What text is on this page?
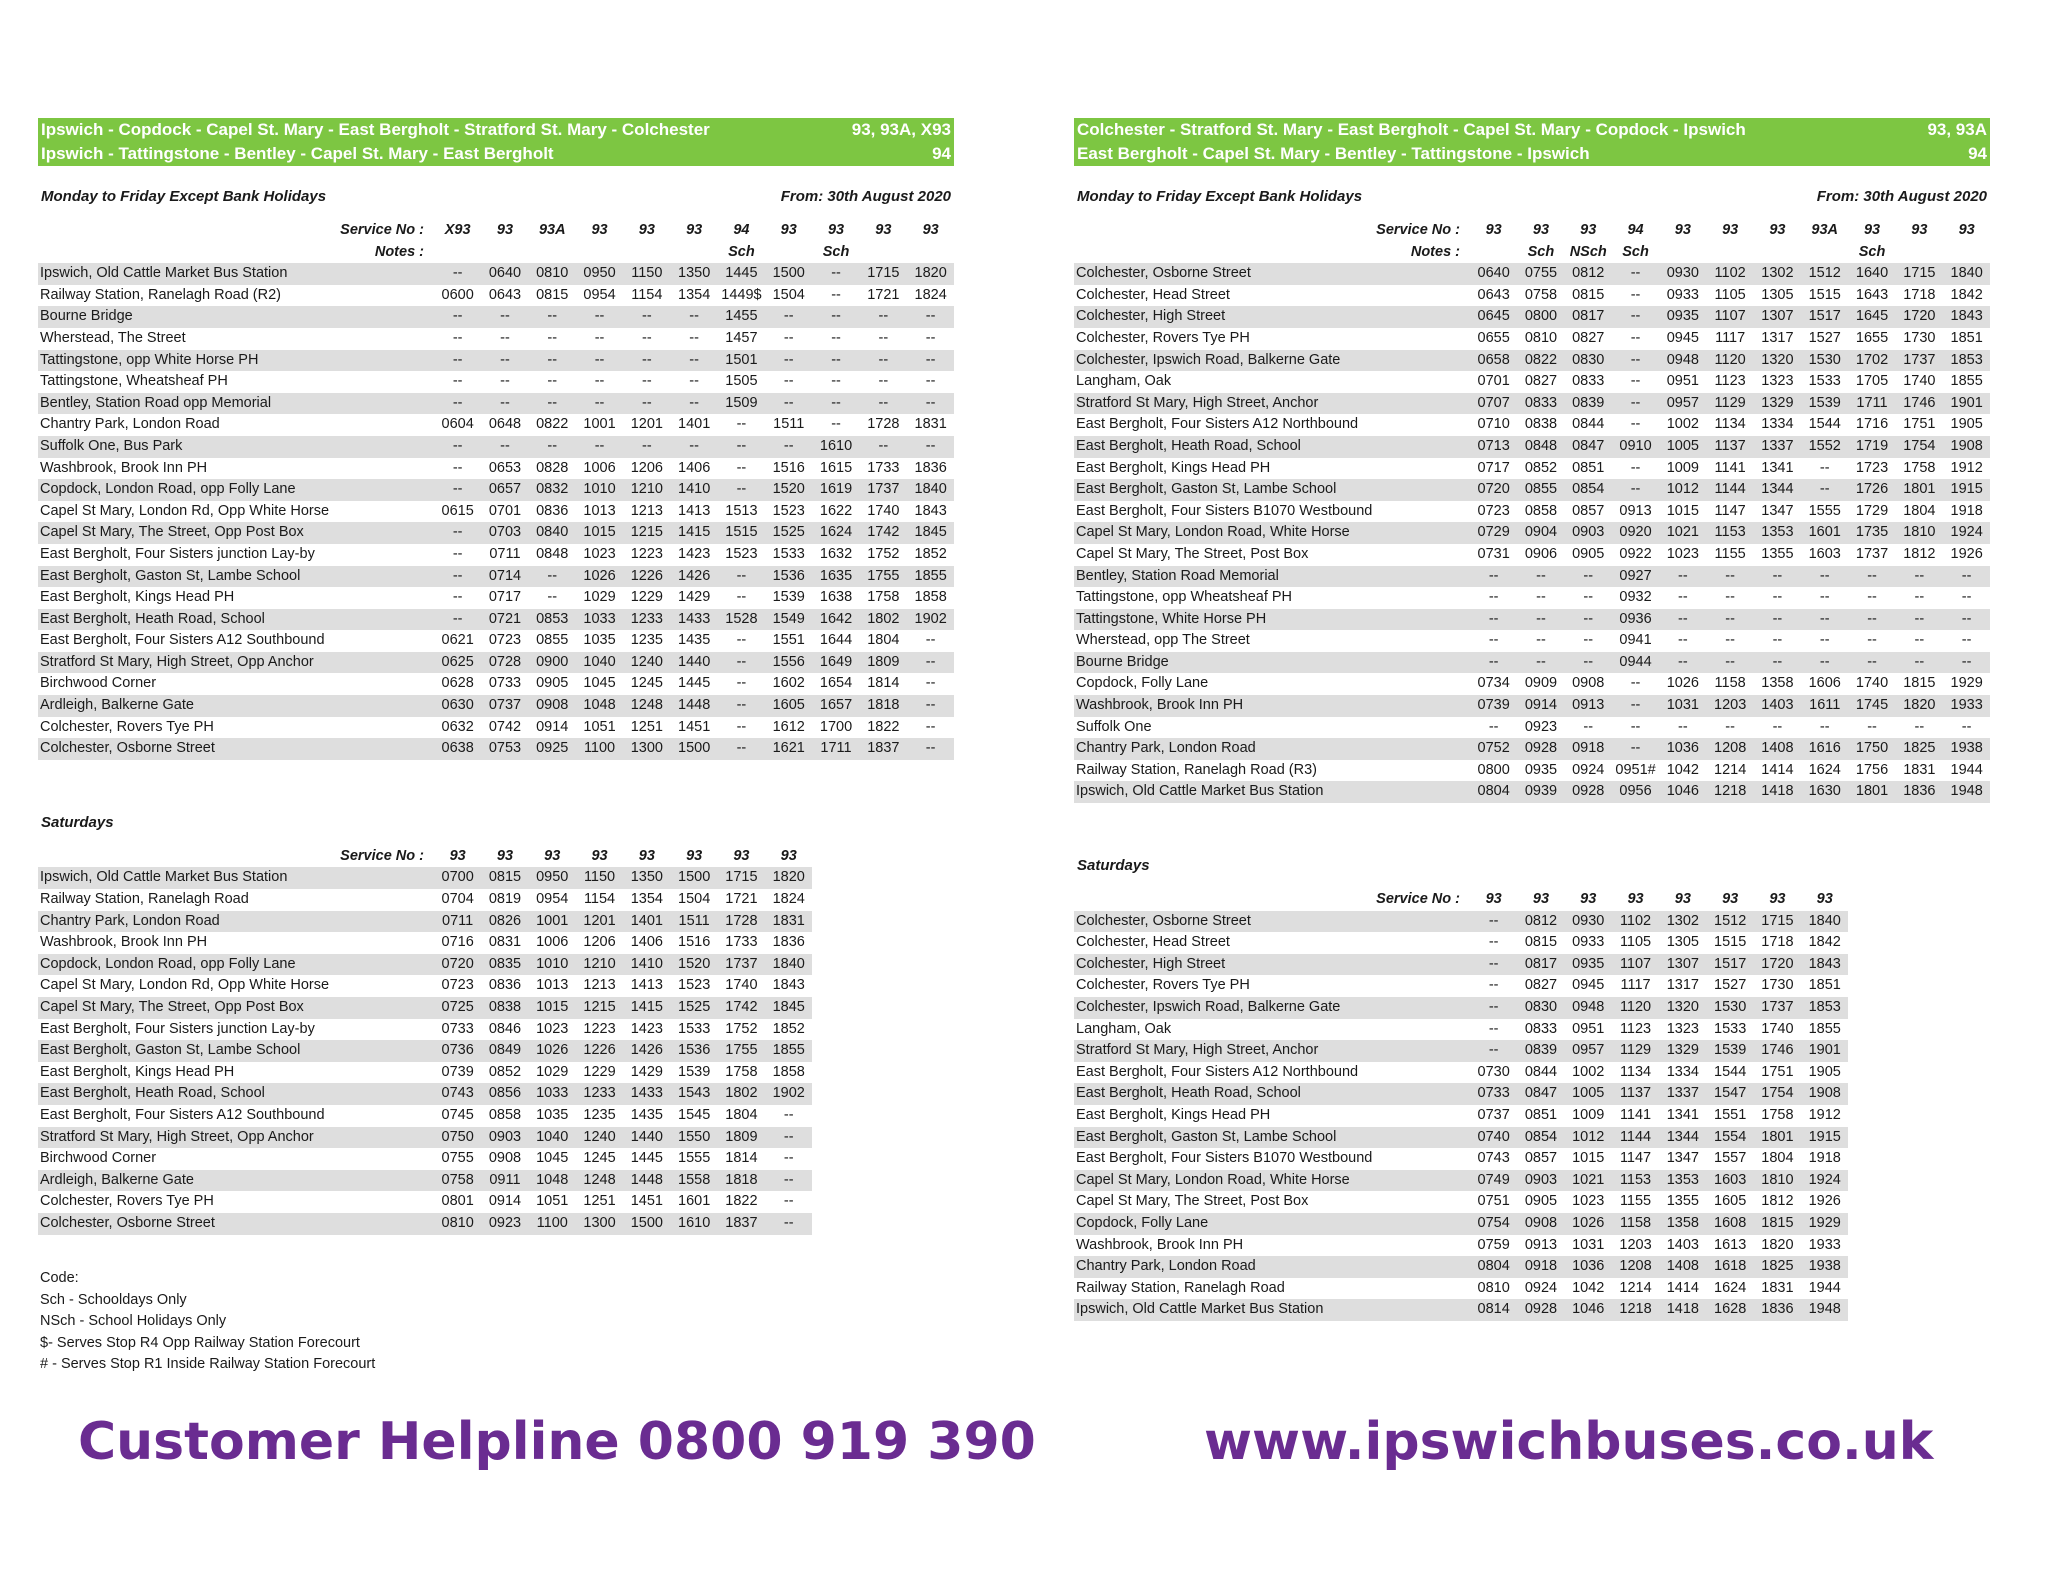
Ipswich - Copdock - Capel St. Mary - East Bergholt - Stratford St. Mary - Colchester	93, 93A, X93
Ipswich - Tattingstone - Bentley - Capel St. Mary - East Bergholt	94
Monday to Friday Except Bank Holidays	From: 30th August 2020
Service No :	X93	93	93A	93	93	93	94	93	93	93	93
Notes :							Sch		Sch		
Ipswich, Old Cattle Market Bus Station	--	0640	0810	0950	1150	1350	1445	1500	--	1715	1820
Railway Station, Ranelagh Road (R2)	0600	0643	0815	0954	1154	1354	1449$	1504	--	1721	1824
Bourne Bridge	--	--	--	--	--	--	1455	--	--	--	--
Wherstead, The Street	--	--	--	--	--	--	1457	--	--	--	--
Tattingstone, opp White Horse PH	--	--	--	--	--	--	1501	--	--	--	--
Tattingstone, Wheatsheaf PH	--	--	--	--	--	--	1505	--	--	--	--
Bentley, Station Road opp Memorial	--	--	--	--	--	--	1509	--	--	--	--
Chantry Park, London Road	0604	0648	0822	1001	1201	1401	--	1511	--	1728	1831
Suffolk One, Bus Park	--	--	--	--	--	--	--	--	1610	--	--
Washbrook, Brook Inn PH	--	0653	0828	1006	1206	1406	--	1516	1615	1733	1836
Copdock, London Road, opp Folly Lane	--	0657	0832	1010	1210	1410	--	1520	1619	1737	1840
Capel St Mary, London Rd, Opp White Horse	0615	0701	0836	1013	1213	1413	1513	1523	1622	1740	1843
Capel St Mary, The Street, Opp Post Box	--	0703	0840	1015	1215	1415	1515	1525	1624	1742	1845
East Bergholt, Four Sisters junction Lay-by	--	0711	0848	1023	1223	1423	1523	1533	1632	1752	1852
East Bergholt, Gaston St, Lambe School	--	0714	--	1026	1226	1426	--	1536	1635	1755	1855
East Bergholt, Kings Head PH	--	0717	--	1029	1229	1429	--	1539	1638	1758	1858
East Bergholt, Heath Road, School	--	0721	0853	1033	1233	1433	1528	1549	1642	1802	1902
East Bergholt, Four Sisters A12 Southbound	0621	0723	0855	1035	1235	1435	--	1551	1644	1804	--
Stratford St Mary, High Street, Opp Anchor	0625	0728	0900	1040	1240	1440	--	1556	1649	1809	--
Birchwood Corner	0628	0733	0905	1045	1245	1445	--	1602	1654	1814	--
Ardleigh, Balkerne Gate	0630	0737	0908	1048	1248	1448	--	1605	1657	1818	--
Colchester, Rovers Tye PH	0632	0742	0914	1051	1251	1451	--	1612	1700	1822	--
Colchester, Osborne Street	0638	0753	0925	1100	1300	1500	--	1621	1711	1837	--
Saturdays
Service No :	93	93	93	93	93	93	93	93
Ipswich, Old Cattle Market Bus Station	0700	0815	0950	1150	1350	1500	1715	1820
Railway Station, Ranelagh Road	0704	0819	0954	1154	1354	1504	1721	1824
Chantry Park, London Road	0711	0826	1001	1201	1401	1511	1728	1831
Washbrook, Brook Inn PH	0716	0831	1006	1206	1406	1516	1733	1836
Copdock, London Road, opp Folly Lane	0720	0835	1010	1210	1410	1520	1737	1840
Capel St Mary, London Rd, Opp White Horse	0723	0836	1013	1213	1413	1523	1740	1843
Capel St Mary, The Street, Opp Post Box	0725	0838	1015	1215	1415	1525	1742	1845
East Bergholt, Four Sisters junction Lay-by	0733	0846	1023	1223	1423	1533	1752	1852
East Bergholt, Gaston St, Lambe School	0736	0849	1026	1226	1426	1536	1755	1855
East Bergholt, Kings Head PH	0739	0852	1029	1229	1429	1539	1758	1858
East Bergholt, Heath Road, School	0743	0856	1033	1233	1433	1543	1802	1902
East Bergholt, Four Sisters A12 Southbound	0745	0858	1035	1235	1435	1545	1804	--
Stratford St Mary, High Street, Opp Anchor	0750	0903	1040	1240	1440	1550	1809	--
Birchwood Corner	0755	0908	1045	1245	1445	1555	1814	--
Ardleigh, Balkerne Gate	0758	0911	1048	1248	1448	1558	1818	--
Colchester, Rovers Tye PH	0801	0914	1051	1251	1451	1601	1822	--
Colchester, Osborne Street	0810	0923	1100	1300	1500	1610	1837	--
Colchester - Stratford St. Mary - East Bergholt - Capel St. Mary - Copdock - Ipswich	93, 93A
East Bergholt - Capel St. Mary - Bentley - Tattingstone - Ipswich	94
Monday to Friday Except Bank Holidays	From: 30th August 2020
Service No :	93	93	93	94	93	93	93	93A	93	93	93
Notes :		Sch	NSch	Sch					Sch		
Colchester, Osborne Street	0640	0755	0812	--	0930	1102	1302	1512	1640	1715	1840
Colchester, Head Street	0643	0758	0815	--	0933	1105	1305	1515	1643	1718	1842
Colchester, High Street	0645	0800	0817	--	0935	1107	1307	1517	1645	1720	1843
Colchester, Rovers Tye PH	0655	0810	0827	--	0945	1117	1317	1527	1655	1730	1851
Colchester, Ipswich Road, Balkerne Gate	0658	0822	0830	--	0948	1120	1320	1530	1702	1737	1853
Langham, Oak	0701	0827	0833	--	0951	1123	1323	1533	1705	1740	1855
Stratford St Mary, High Street, Anchor	0707	0833	0839	--	0957	1129	1329	1539	1711	1746	1901
East Bergholt, Four Sisters A12 Northbound	0710	0838	0844	--	1002	1134	1334	1544	1716	1751	1905
East Bergholt, Heath Road, School	0713	0848	0847	0910	1005	1137	1337	1552	1719	1754	1908
East Bergholt, Kings Head PH	0717	0852	0851	--	1009	1141	1341	--	1723	1758	1912
East Bergholt, Gaston St, Lambe School	0720	0855	0854	--	1012	1144	1344	--	1726	1801	1915
East Bergholt, Four Sisters B1070 Westbound	0723	0858	0857	0913	1015	1147	1347	1555	1729	1804	1918
Capel St Mary, London Road, White Horse	0729	0904	0903	0920	1021	1153	1353	1601	1735	1810	1924
Capel St Mary, The Street, Post Box	0731	0906	0905	0922	1023	1155	1355	1603	1737	1812	1926
Bentley, Station Road Memorial	--	--	--	0927	--	--	--	--	--	--	--
Tattingstone, opp Wheatsheaf PH	--	--	--	0932	--	--	--	--	--	--	--
Tattingstone, White Horse PH	--	--	--	0936	--	--	--	--	--	--	--
Wherstead, opp The Street	--	--	--	0941	--	--	--	--	--	--	--
Bourne Bridge	--	--	--	0944	--	--	--	--	--	--	--
Copdock, Folly Lane	0734	0909	0908	--	1026	1158	1358	1606	1740	1815	1929
Washbrook, Brook Inn PH	0739	0914	0913	--	1031	1203	1403	1611	1745	1820	1933
Suffolk One	--	0923	--	--	--	--	--	--	--	--	--
Chantry Park, London Road	0752	0928	0918	--	1036	1208	1408	1616	1750	1825	1938
Railway Station, Ranelagh Road (R3)	0800	0935	0924	0951#	1042	1214	1414	1624	1756	1831	1944
Ipswich, Old Cattle Market Bus Station	0804	0939	0928	0956	1046	1218	1418	1630	1801	1836	1948
Saturdays
Service No :	93	93	93	93	93	93	93	93
Colchester, Osborne Street	--	0812	0930	1102	1302	1512	1715	1840
Colchester, Head Street	--	0815	0933	1105	1305	1515	1718	1842
Colchester, High Street	--	0817	0935	1107	1307	1517	1720	1843
Colchester, Rovers Tye PH	--	0827	0945	1117	1317	1527	1730	1851
Colchester, Ipswich Road, Balkerne Gate	--	0830	0948	1120	1320	1530	1737	1853
Langham, Oak	--	0833	0951	1123	1323	1533	1740	1855
Stratford St Mary, High Street, Anchor	--	0839	0957	1129	1329	1539	1746	1901
East Bergholt, Four Sisters A12 Northbound	0730	0844	1002	1134	1334	1544	1751	1905
East Bergholt, Heath Road, School	0733	0847	1005	1137	1337	1547	1754	1908
East Bergholt, Kings Head PH	0737	0851	1009	1141	1341	1551	1758	1912
East Bergholt, Gaston St, Lambe School	0740	0854	1012	1144	1344	1554	1801	1915
East Bergholt, Four Sisters B1070 Westbound	0743	0857	1015	1147	1347	1557	1804	1918
Capel St Mary, London Road, White Horse	0749	0903	1021	1153	1353	1603	1810	1924
Capel St Mary, The Street, Post Box	0751	0905	1023	1155	1355	1605	1812	1926
Copdock, Folly Lane	0754	0908	1026	1158	1358	1608	1815	1929
Washbrook, Brook Inn PH	0759	0913	1031	1203	1403	1613	1820	1933
Chantry Park, London Road	0804	0918	1036	1208	1408	1618	1825	1938
Railway Station, Ranelagh Road	0810	0924	1042	1214	1414	1624	1831	1944
Ipswich, Old Cattle Market Bus Station	0814	0928	1046	1218	1418	1628	1836	1948
Code:
Sch - Schooldays Only
NSch - School Holidays Only
$- Serves Stop R4 Opp Railway Station Forecourt
# - Serves Stop R1 Inside Railway Station Forecourt
Customer Helpline 0800 919 390	www.ipswichbuses.co.uk
